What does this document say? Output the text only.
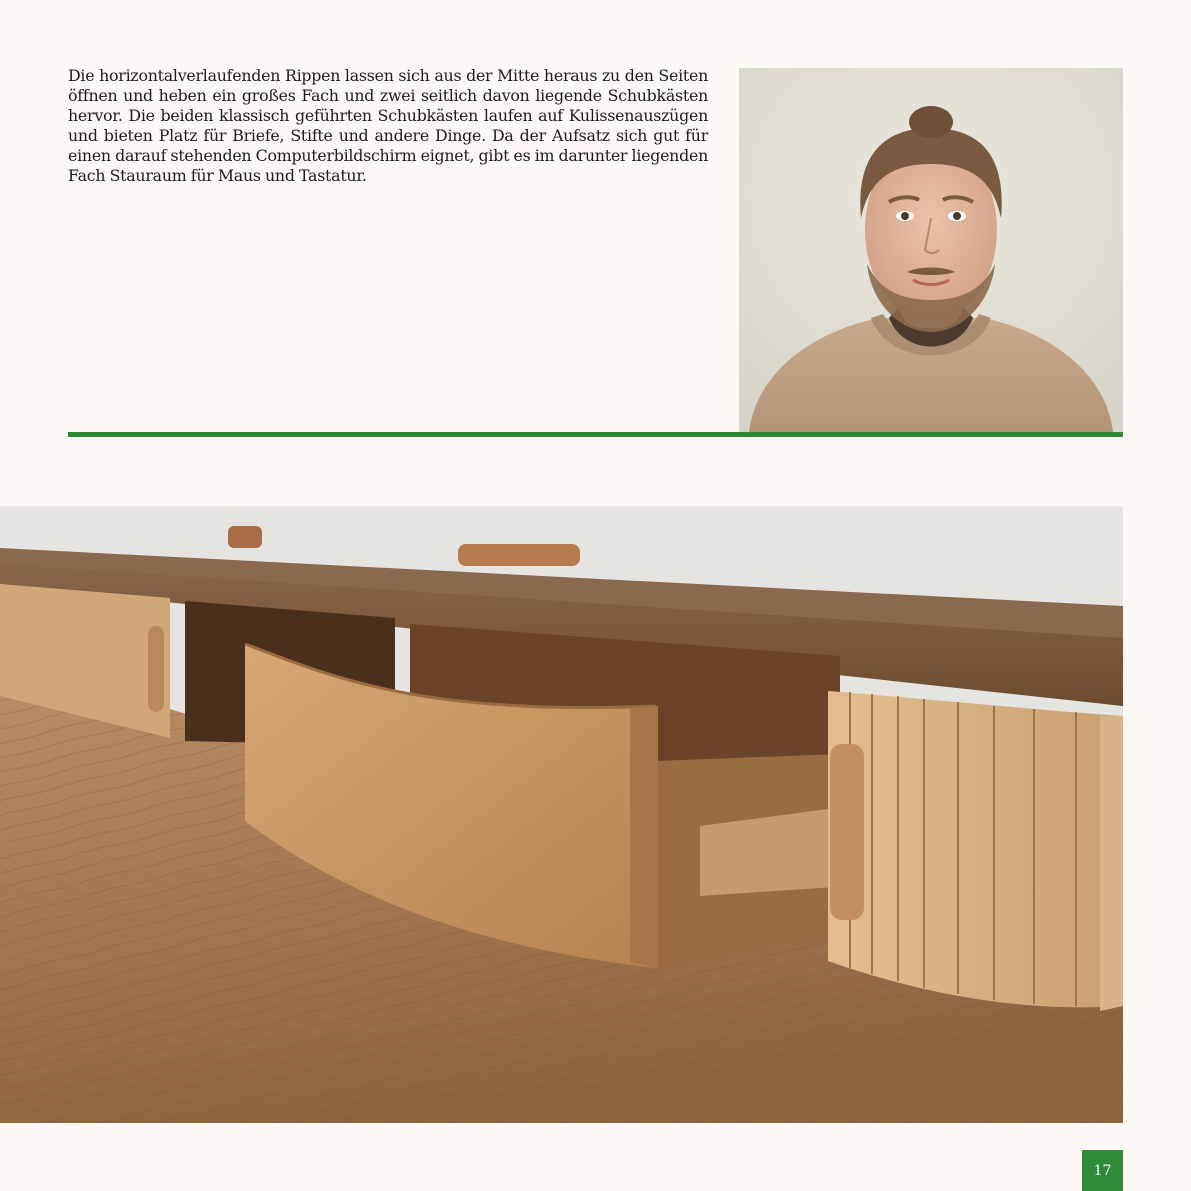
Die horizontalverlaufenden Rippen lassen sich aus der Mitte heraus zu den Seiten öffnen und heben ein großes Fach und zwei seitlich davon liegende Schubkästen hervor. Die beiden klassisch geführten Schubkästen laufen auf Kulissenauszügen und bieten Platz für Briefe, Stifte und andere Dinge. Da der Aufsatz sich gut für einen darauf stehenden Computerbildschirm eignet, gibt es im darunter liegenden Fach Stauraum für Maus und Tastatur.

17
